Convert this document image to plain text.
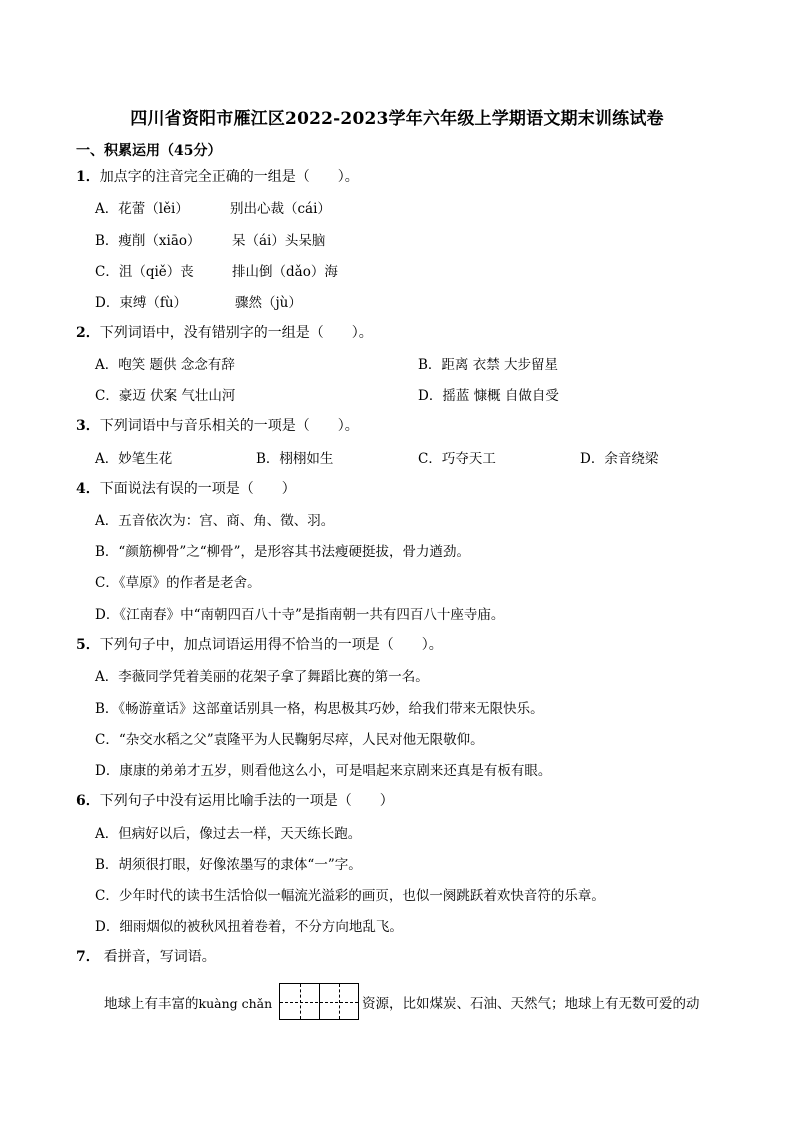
四川省资阳市雁江区2022-2023学年六年级上学期语文期末训练试卷
一、积累运用（45分）
1．加点字的注音完全正确的一组是（　　）。
A．花蕾（lěi）	别出心裁（cái）
B．瘦削（xiāo） 呆（ái）头呆脑
C．沮（qiě）丧	排山倒（dǎo）海
D．束缚（fù）	骤然（jù）
2．下列词语中，没有错别字的一组是（　　）。
A．咆笑 题供 念念有辞	B．距离 衣禁 大步留星
C．豪迈 伏案 气壮山河	D．摇蓝 慷概 自做自受
3．下列词语中与音乐相关的一项是（　　）。
A．妙笔生花	B．栩栩如生	C．巧夺天工	D．余音绕梁
4．下面说法有误的一项是（　　）
A．五音依次为：宫、商、角、徵、羽。
B．“颜筋柳骨”之“柳骨”，是形容其书法瘦硬挺拔，骨力遒劲。
C．《草原》的作者是老舍。
D．《江南春》中“南朝四百八十寺”是指南朝一共有四百八十座寺庙。
5．下列句子中，加点词语运用得不恰当的一项是（　　）。
A．李薇同学凭着美丽的花架子拿了舞蹈比赛的第一名。
B．《畅游童话》这部童话别具一格，构思极其巧妙，给我们带来无限快乐。
C．“杂交水稻之父”袁隆平为人民鞠躬尽瘁，人民对他无限敬仰。
D．康康的弟弟才五岁，则看他这么小，可是唱起来京剧来还真是有板有眼。
6．下列句子中没有运用比喻手法的一项是（　　）
A．但病好以后，像过去一样，天天练长跑。
B．胡须很打眼，好像浓墨写的隶体“一”字。
C．少年时代的读书生活恰似一幅流光溢彩的画页，也似一阕跳跃着欢快音符的乐章。
D．细雨烟似的被秋风扭着卷着，不分方向地乱飞。
7． 看拼音，写词语。
地球上有丰富的kuàng chǎn	资源，比如煤炭、石油、天然气；地球上有无数可爱的动
